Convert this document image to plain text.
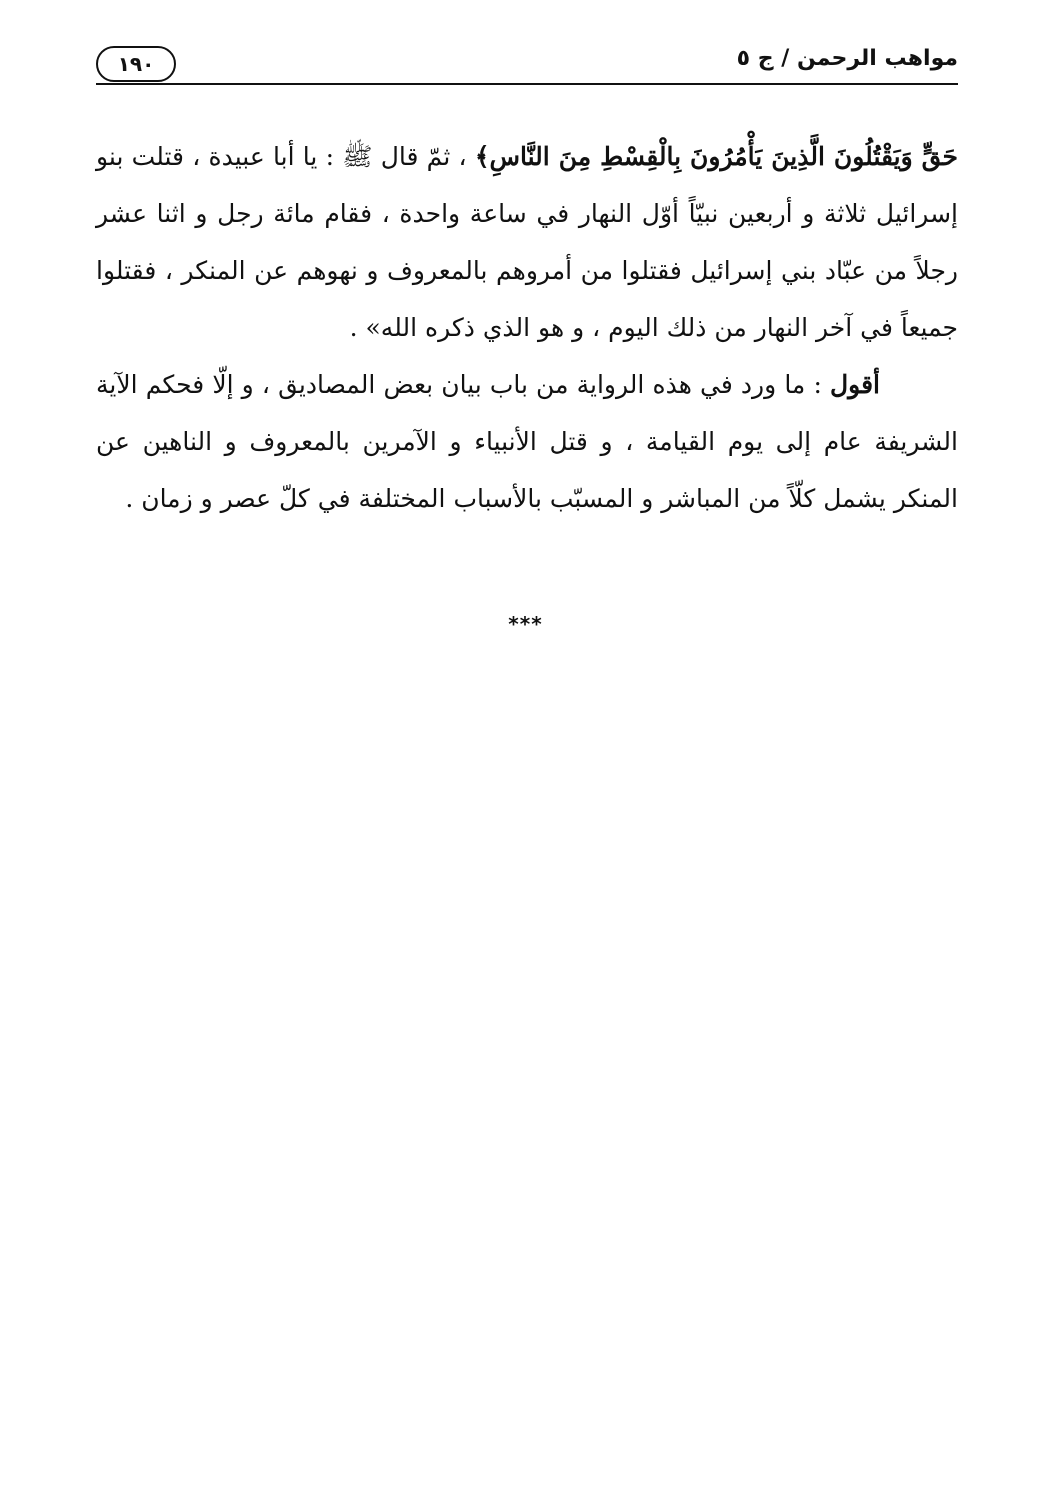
مواهب الرحمن / ج ٥
١٩٠

حَقٍّ وَيَقْتُلُونَ الَّذِينَ يَأْمُرُونَ بِالْقِسْطِ مِنَ النَّاسِ﴾ ، ثمّ قال ﷺ : يا أبا عبيدة ، قتلت بنو إسرائيل ثلاثة و أربعين نبيّاً أوّل النهار في ساعة واحدة ، فقام مائة رجل و اثنا عشر رجلاً من عبّاد بني إسرائيل فقتلوا من أمروهم بالمعروف و نهوهم عن المنكر ، فقتلوا جميعاً في آخر النهار من ذلك اليوم ، و هو الذي ذكره الله» .

أقول : ما ورد في هذه الرواية من باب بيان بعض المصاديق ، و إلّا فحكم الآية الشريفة عام إلى يوم القيامة ، و قتل الأنبياء و الآمرين بالمعروف و الناهين عن المنكر يشمل كلّاً من المباشر و المسبّب بالأسباب المختلفة في كلّ عصر و زمان .

***
